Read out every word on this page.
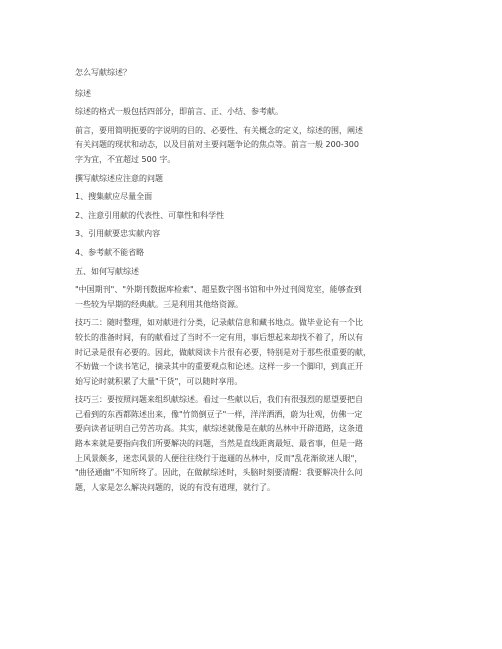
怎么写献综述？

综述

综述的格式一般包括四部分，即前言、正、小结、参考献。

前言，要用简明扼要的字说明的目的、必要性、有关概念的定义，综述的围，阐述
有关问题的现状和动态，以及目前对主要问题争论的焦点等。前言一般 200-300
字为宜，不宜超过 500 字。

撰写献综述应注意的问题

1、搜集献应尽量全面

2、注意引用献的代表性、可靠性和科学性

3、引用献要忠实献内容

4、参考献不能省略

五、如何写献综述

"中国期刊"、"外期刊数据库检索"、超星数字图书馆和中外过刊阅览室，能够查到
一些较为早期的经典献。三是利用其他络资源。

技巧二：随时整理，如对献进行分类，记录献信息和藏书地点。做毕业论有一个比
较长的准备时间，有的献看过了当时不一定有用，事后想起来却找不着了，所以有
时记录是很有必要的。因此，做献阅读卡片很有必要，特别是对于那些很重要的献，
不妨做一个读书笔记，摘录其中的重要观点和论述。这样一步一个脚印，到真正开
始写论时就积累了大量"干货"，可以随时享用。

技巧三：要按照问题来组织献综述。看过一些献以后，我们有很强烈的愿望要把自
己看到的东西都陈述出来，像"竹筒倒豆子"一样，洋洋洒洒，蔚为壮观，仿佛一定
要向读者证明自己劳苦功高。其实，献综述就像是在献的丛林中开辟道路，这条道
路本来就是要指向我们所要解决的问题，当然是直线距离最短、最省事，但是一路
上风景颇多，迷恋风景的人便往往绕行于迤逦的丛林中，反而"乱花渐欲迷人眼"，
"曲径通幽"不知所终了。因此，在做献综述时，头脑时刻要清醒：我要解决什么问
题，人家是怎么解决问题的，说的有没有道理，就行了。
